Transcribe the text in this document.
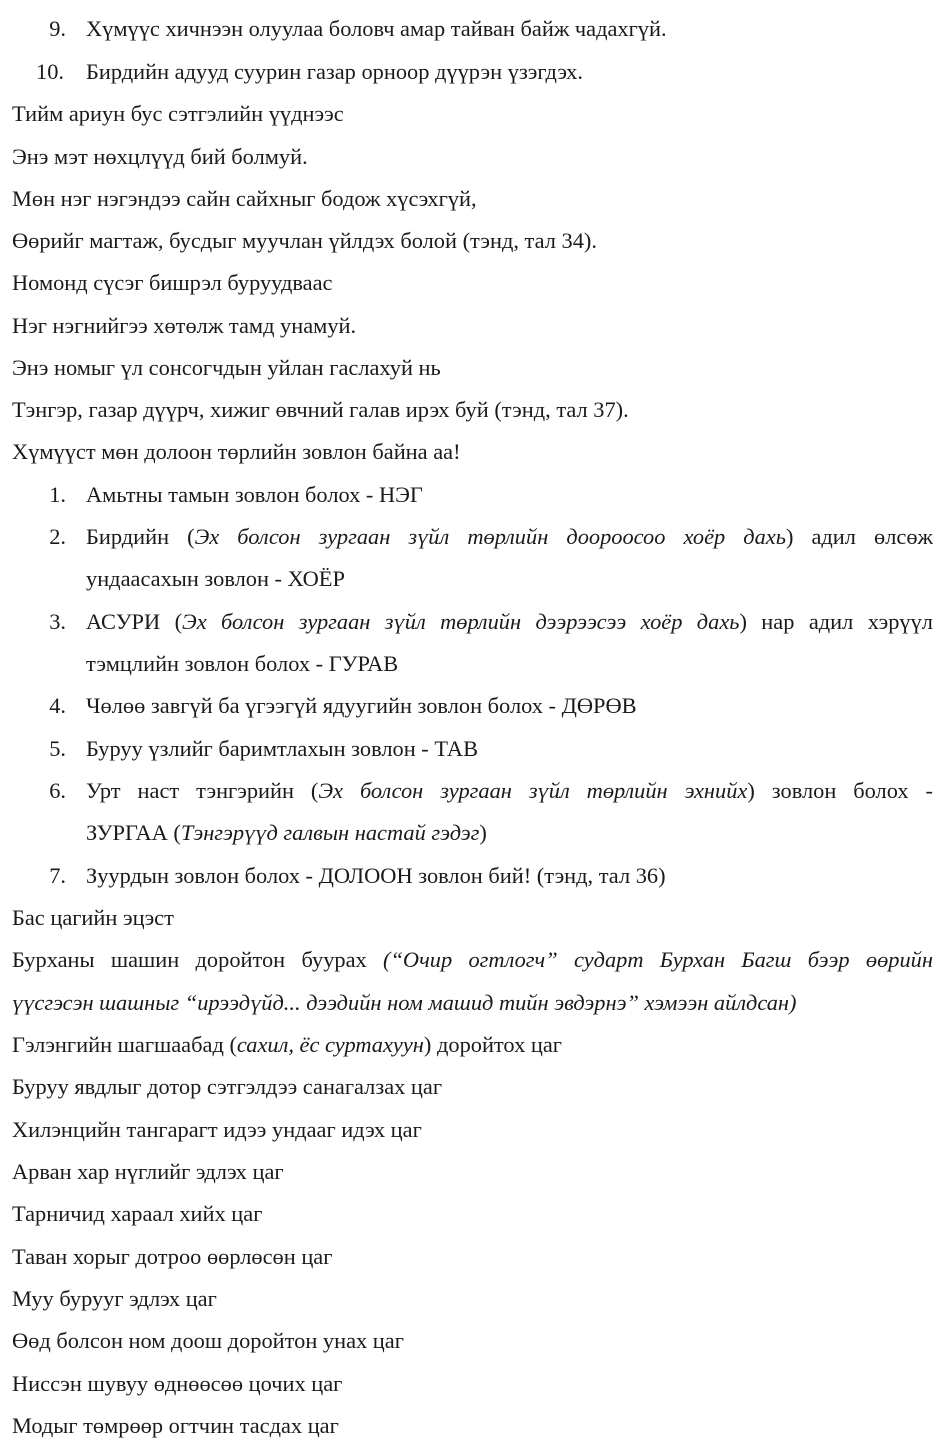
9. Хүмүүс хичнээн олуулаа боловч амар тайван байж чадахгүй.
10. Бирдийн адууд суурин газар орноор дүүрэн үзэгдэх.
Тийм ариун бус сэтгэлийн үүднээс
Энэ мэт нөхцлүүд бий болмуй.
Мөн нэг нэгэндээ сайн сайхныг бодож хүсэхгүй,
Өөрийг магтаж, бусдыг муучлан үйлдэх болой (тэнд, тал 34).
Номонд сүсэг бишрэл буруудваас
Нэг нэгнийгээ хөтөлж тамд унамуй.
Энэ номыг үл сонсогчдын уйлан гаслахуй нь
Тэнгэр, газар дүүрч, хижиг өвчний галав ирэх буй (тэнд, тал 37).
Хүмүүст мөн долоон төрлийн зовлон байна аа!
1. Амьтны тамын зовлон болох - НЭГ
2. Бирдийн (Эх болсон зургаан зүйл төрлийн доороосоо хоёр дахь) адил өлсөж
ундаасахын зовлон - ХОЁР
3. АСУРИ (Эх болсон зургаан зүйл төрлийн дээрээсээ хоёр дахь) нар адил хэрүүл
тэмцлийн зовлон болох - ГУРАВ
4. Чөлөө завгүй ба үгээгүй ядуугийн зовлон болох - ДӨРӨВ
5. Буруу үзлийг баримтлахын зовлон - ТАВ
6. Урт наст тэнгэрийн (Эх болсон зургаан зүйл төрлийн эхнийх) зовлон болох -
ЗУРГАА (Тэнгэрүүд галвын настай гэдэг)
7. Зуурдын зовлон болох - ДОЛООН зовлон бий! (тэнд, тал 36)
Бас цагийн эцэст
Бурханы шашин доройтон буурах (“Очир огтлогч” судapт Бурхан Багш бээр өөрийн
үүсгэсэн шашныг “ирээдүйд... дээдийн ном машид тийн эвдэрнэ” хэмээн айлдсан)
Гэлэнгийн шагшаабад (сахил, ёс суртахуун) доройтох цаг
Буруу явдлыг дотор сэтгэлдээ санагалзах цаг
Хилэнцийн тангарагт идээ ундааг идэх цаг
Арван хар нүглийг эдлэх цаг
Тарничид хараал хийх цаг
Таван хорыг дотроо өөрлөсөн цаг
Муу бурууг эдлэх цаг
Өөд болсон ном доош доройтон унах цаг
Ниссэн шувуу өднөөсөө цочих цаг
Модыг төмрөөр огтчин тасдах цаг
